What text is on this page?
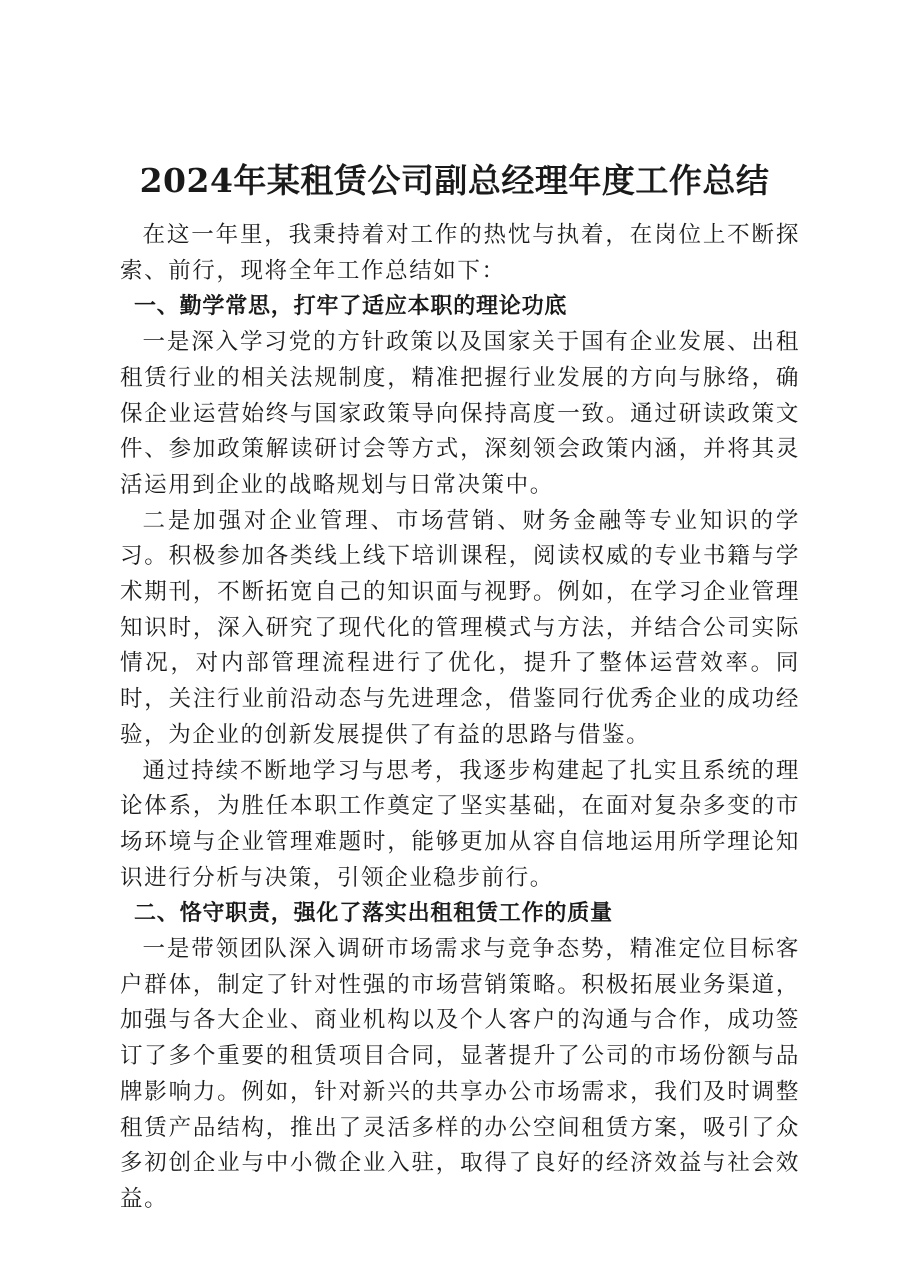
2024年某租赁公司副总经理年度工作总结

在这一年里，我秉持着对工作的热忱与执着，在岗位上不断探索、前行，现将全年工作总结如下：

一、勤学常思，打牢了适应本职的理论功底

一是深入学习党的方针政策以及国家关于国有企业发展、出租租赁行业的相关法规制度，精准把握行业发展的方向与脉络，确保企业运营始终与国家政策导向保持高度一致。通过研读政策文件、参加政策解读研讨会等方式，深刻领会政策内涵，并将其灵活运用到企业的战略规划与日常决策中。

二是加强对企业管理、市场营销、财务金融等专业知识的学习。积极参加各类线上线下培训课程，阅读权威的专业书籍与学术期刊，不断拓宽自己的知识面与视野。例如，在学习企业管理知识时，深入研究了现代化的管理模式与方法，并结合公司实际情况，对内部管理流程进行了优化，提升了整体运营效率。同时，关注行业前沿动态与先进理念，借鉴同行优秀企业的成功经验，为企业的创新发展提供了有益的思路与借鉴。

通过持续不断地学习与思考，我逐步构建起了扎实且系统的理论体系，为胜任本职工作奠定了坚实基础，在面对复杂多变的市场环境与企业管理难题时，能够更加从容自信地运用所学理论知识进行分析与决策，引领企业稳步前行。

二、恪守职责，强化了落实出租租赁工作的质量

一是带领团队深入调研市场需求与竞争态势，精准定位目标客户群体，制定了针对性强的市场营销策略。积极拓展业务渠道，加强与各大企业、商业机构以及个人客户的沟通与合作，成功签订了多个重要的租赁项目合同，显著提升了公司的市场份额与品牌影响力。例如，针对新兴的共享办公市场需求，我们及时调整租赁产品结构，推出了灵活多样的办公空间租赁方案，吸引了众多初创企业与中小微企业入驻，取得了良好的经济效益与社会效益。
